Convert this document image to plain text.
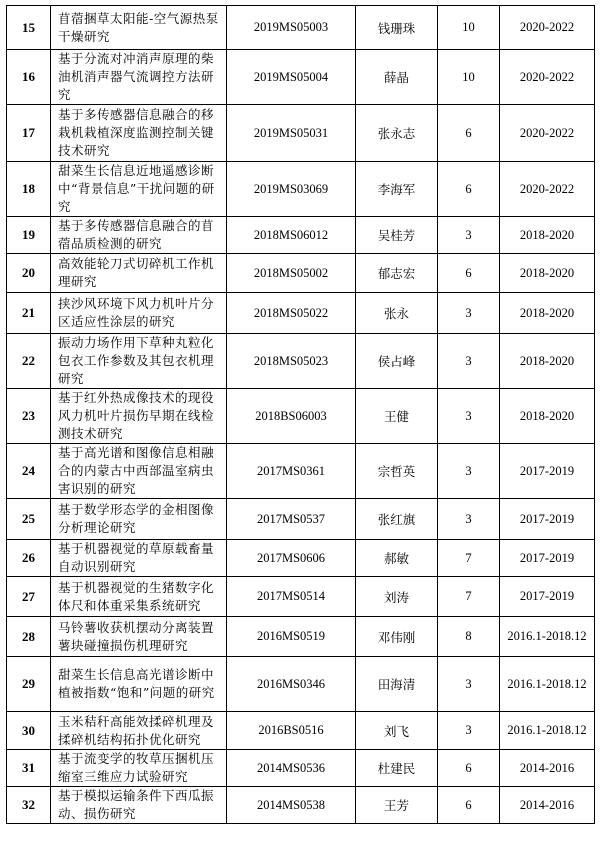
15	苜蓿捆草太阳能-空气源热泵干燥研究	2019MS05003	钱珊珠	10	2020-2022
16	基于分流对冲消声原理的柴油机消声器气流调控方法研究	2019MS05004	薛晶	10	2020-2022
17	基于多传感器信息融合的移栽机栽植深度监测控制关键技术研究	2019MS05031	张永志	6	2020-2022
18	甜菜生长信息近地遥感诊断中“背景信息”干扰问题的研究	2019MS03069	李海军	6	2020-2022
19	基于多传感器信息融合的苜蓿品质检测的研究	2018MS06012	吴桂芳	3	2018-2020
20	高效能轮刀式切碎机工作机理研究	2018MS05002	郁志宏	6	2018-2020
21	挟沙风环境下风力机叶片分区适应性涂层的研究	2018MS05022	张永	3	2018-2020
22	振动力场作用下草种丸粒化包衣工作参数及其包衣机理研究	2018MS05023	侯占峰	3	2018-2020
23	基于红外热成像技术的现役风力机叶片损伤早期在线检测技术研究	2018BS06003	王健	3	2018-2020
24	基于高光谱和图像信息相融合的内蒙古中西部温室病虫害识别的研究	2017MS0361	宗哲英	3	2017-2019
25	基于数学形态学的金相图像分析理论研究	2017MS0537	张红旗	3	2017-2019
26	基于机器视觉的草原载畜量自动识别研究	2017MS0606	郝敏	7	2017-2019
27	基于机器视觉的生猪数字化体尺和体重采集系统研究	2017MS0514	刘涛	7	2017-2019
28	马铃薯收获机摆动分离装置薯块碰撞损伤机理研究	2016MS0519	邓伟刚	8	2016.1-2018.12
29	甜菜生长信息高光谱诊断中植被指数“饱和”问题的研究	2016MS0346	田海清	3	2016.1-2018.12
30	玉米秸秆高能效揉碎机理及揉碎机结构拓扑优化研究	2016BS0516	刘飞	3	2016.1-2018.12
31	基于流变学的牧草压捆机压缩室三维应力试验研究	2014MS0536	杜建民	6	2014-2016
32	基于模拟运输条件下西瓜振动、损伤研究	2014MS0538	王芳	6	2014-2016
